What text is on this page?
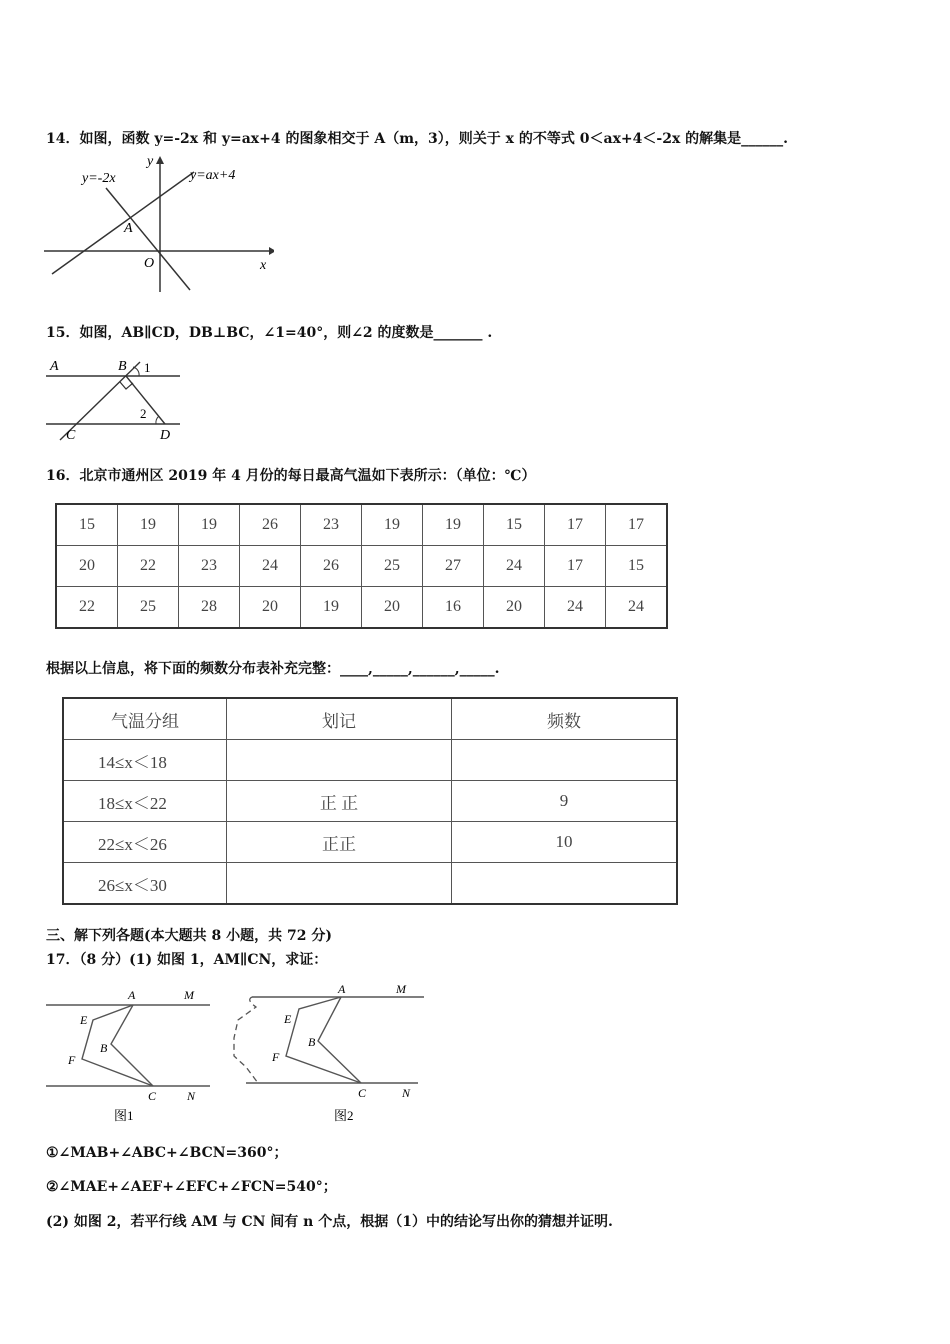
14．如图，函数 y=-2x 和 y=ax+4 的图象相交于 A（m，3），则关于 x 的不等式 0＜ax+4＜-2x 的解集是______.
y=-2x	y=ax+4
y
x
A
O
15．如图，AB∥CD，DB⊥BC，∠1=40°，则∠2 的度数是_______ .
A	B 1
2
C	D
16．北京市通州区 2019 年 4 月份的每日最高气温如下表所示：（单位：℃）
15	19	19	26	23	19	19	15	17	17
20	22	23	24	26	25	27	24	17	15
22	25	28	20	19	20	16	20	24	24
根据以上信息，将下面的频数分布表补充完整：____,_____,______,_____.
气温分组	划记	频数
14≤x＜18		
18≤x＜22	正 正	9
22≤x＜26	正正	10
26≤x＜30		
三、解下列各题(本大题共 8 小题，共 72 分)
17．（8 分）(1) 如图 1，AM∥CN，求证：
A	M
E
B
F
C	N
图1
A	M
E
B
F
C	N
图2
①∠MAB+∠ABC+∠BCN=360°；
②∠MAE+∠AEF+∠EFC+∠FCN=540°；
(2) 如图 2，若平行线 AM 与 CN 间有 n 个点，根据（1）中的结论写出你的猜想并证明.
